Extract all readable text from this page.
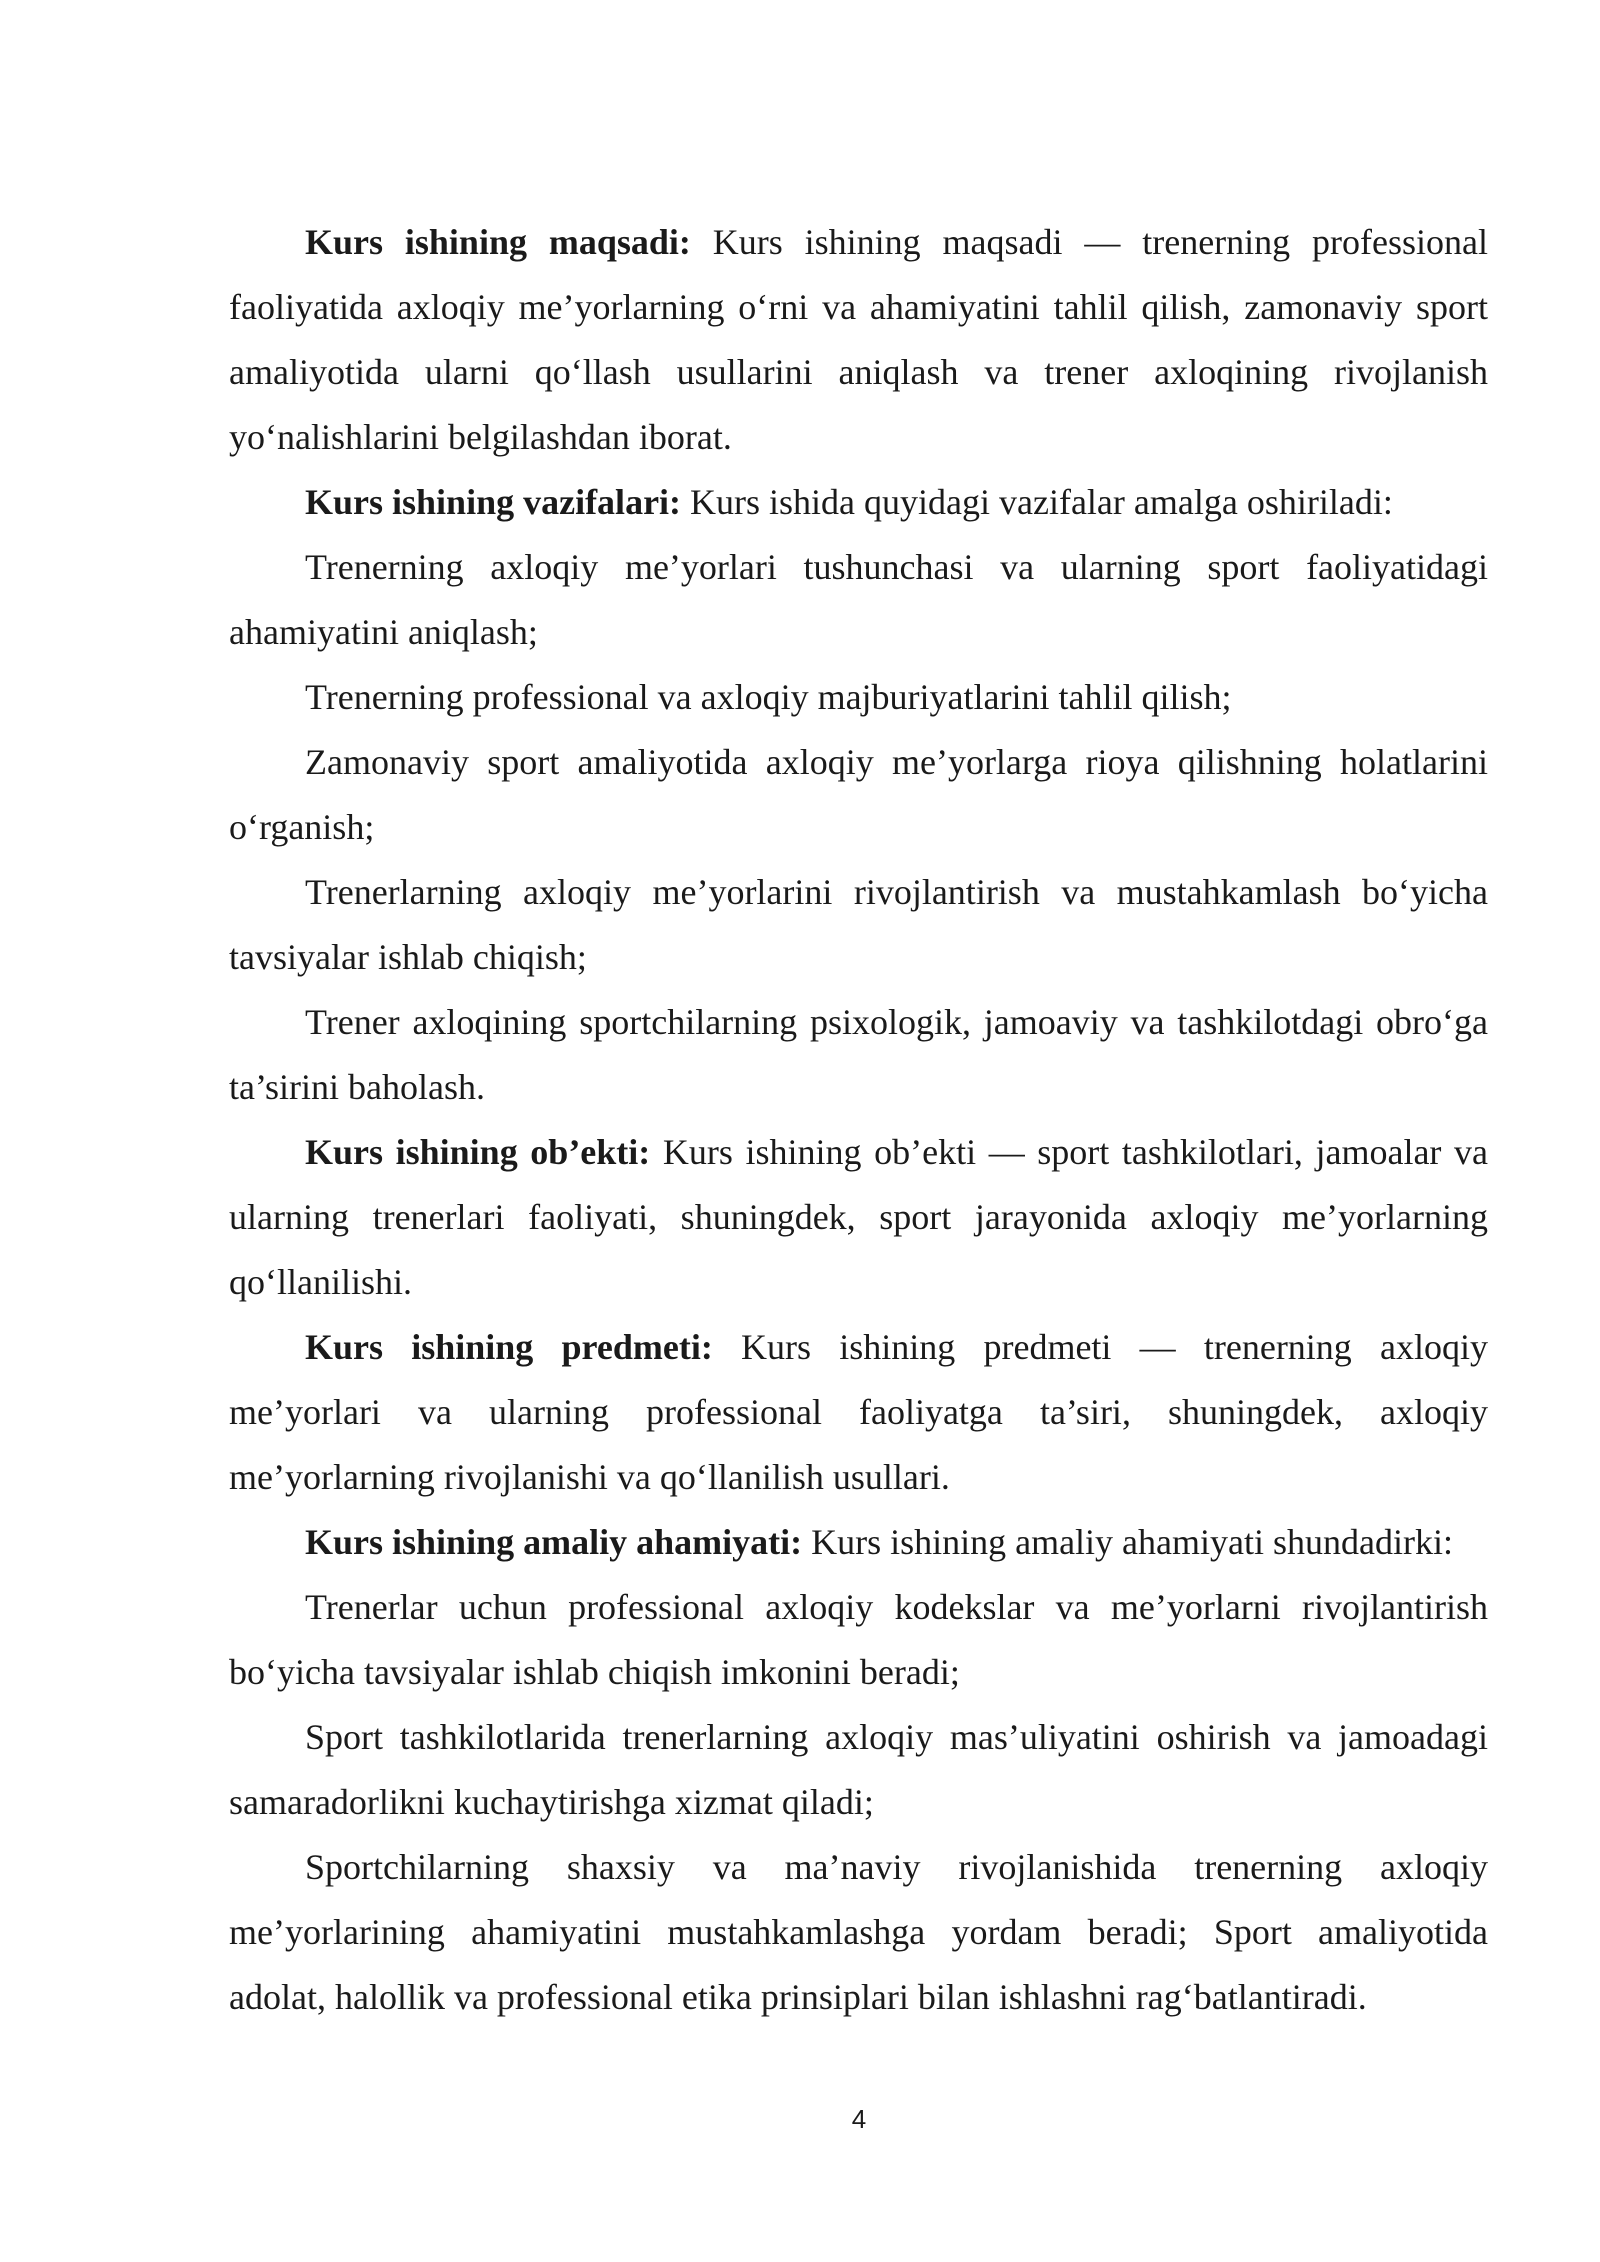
Kurs ishining maqsadi: Kurs ishining maqsadi — trenerning professional faoliyatida axloqiy me’yorlarning o‘rni va ahamiyatini tahlil qilish, zamonaviy sport amaliyotida ularni qo‘llash usullarini aniqlash va trener axloqining rivojlanish yo‘nalishlarini belgilashdan iborat.

Kurs ishining vazifalari: Kurs ishida quyidagi vazifalar amalga oshiriladi:

Trenerning axloqiy me’yorlari tushunchasi va ularning sport faoliyatidagi ahamiyatini aniqlash;

Trenerning professional va axloqiy majburiyatlarini tahlil qilish;

Zamonaviy sport amaliyotida axloqiy me’yorlarga rioya qilishning holatlarini o‘rganish;

Trenerlarning axloqiy me’yorlarini rivojlantirish va mustahkamlash bo‘yicha tavsiyalar ishlab chiqish;

Trener axloqining sportchilarning psixologik, jamoaviy va tashkilotdagi obro‘ga ta’sirini baholash.

Kurs ishining ob’ekti: Kurs ishining ob’ekti — sport tashkilotlari, jamoalar va ularning trenerlari faoliyati, shuningdek, sport jarayonida axloqiy me’yorlarning qo‘llanilishi.

Kurs ishining predmeti: Kurs ishining predmeti — trenerning axloqiy me’yorlari va ularning professional faoliyatga ta’siri, shuningdek, axloqiy me’yorlarning rivojlanishi va qo‘llanilish usullari.

Kurs ishining amaliy ahamiyati: Kurs ishining amaliy ahamiyati shundadirki:

Trenerlar uchun professional axloqiy kodekslar va me’yorlarni rivojlantirish bo‘yicha tavsiyalar ishlab chiqish imkonini beradi;

Sport tashkilotlarida trenerlarning axloqiy mas’uliyatini oshirish va jamoadagi samaradorlikni kuchaytirishga xizmat qiladi;

Sportchilarning shaxsiy va ma’naviy rivojlanishida trenerning axloqiy me’yorlarining ahamiyatini mustahkamlashga yordam beradi; Sport amaliyotida adolat, halollik va professional etika prinsiplari bilan ishlashni rag‘batlantiradi.

4
